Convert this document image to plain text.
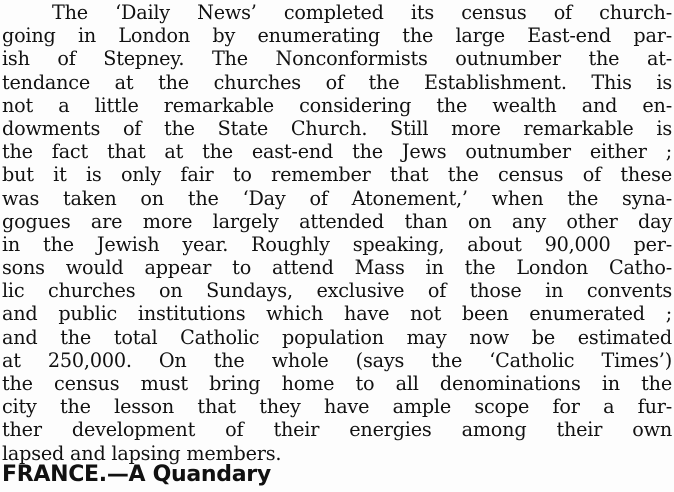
The ‘Daily News’ completed its census of church-
going in London by enumerating the large East-end par-
ish of Stepney. The Nonconformists outnumber the at-
tendance at the churches of the Establishment. This is
not a little remarkable considering the wealth and en-
dowments of the State Church. Still more remarkable is
the fact that at the east-end the Jews outnumber either ;
but it is only fair to remember that the census of these
was taken on the ‘Day of Atonement,’ when the syna-
gogues are more largely attended than on any other day
in the Jewish year. Roughly speaking, about 90,000 per-
sons would appear to attend Mass in the London Catho-
lic churches on Sundays, exclusive of those in convents
and public institutions which have not been enumerated ;
and the total Catholic population may now be estimated
at 250,000. On the whole (says the ‘Catholic Times’)
the census must bring home to all denominations in the
city the lesson that they have ample scope for a fur-
ther development of their energies among their own
lapsed and lapsing members.
FRANCE.—A Quandary
